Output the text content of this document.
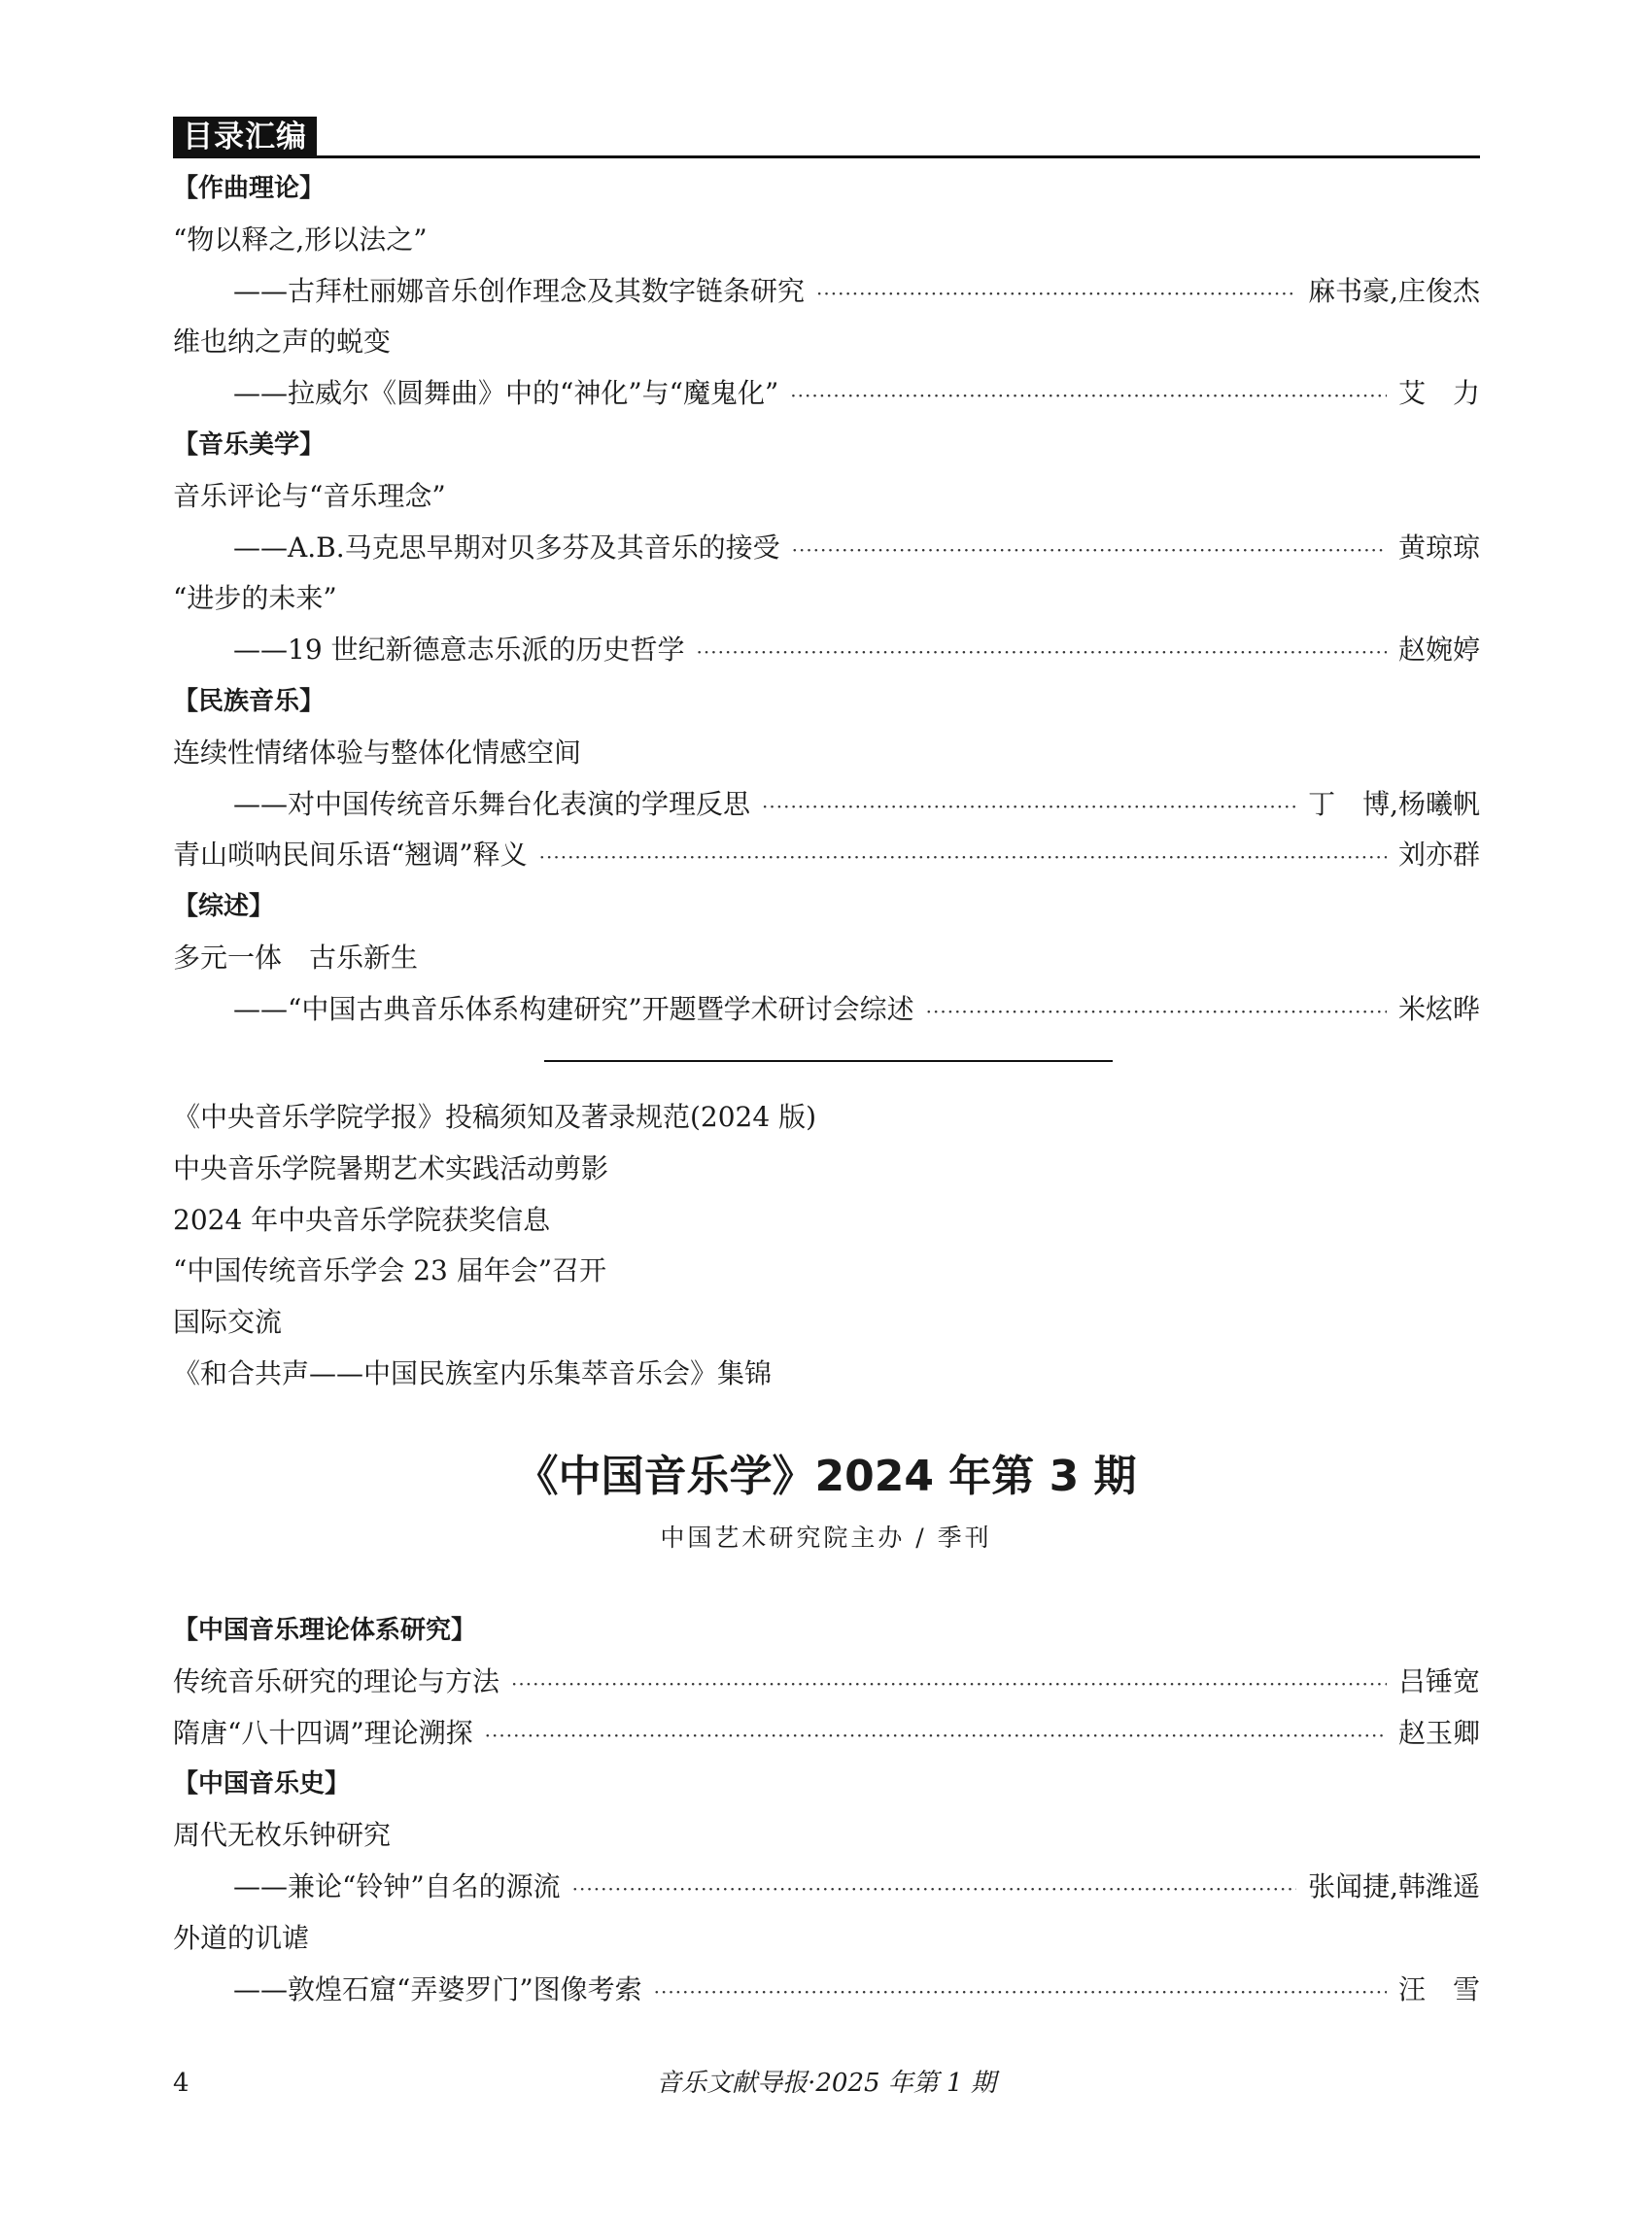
目录汇编
【作曲理论】
“物以释之,形以法之”
——古拜杜丽娜音乐创作理念及其数字链条研究 ·····	麻书豪,庄俊杰
维也纳之声的蜕变
——拉威尔《圆舞曲》中的“神化”与“魔鬼化” ·····	艾　力
【音乐美学】
音乐评论与“音乐理念”
——A.B.马克思早期对贝多芬及其音乐的接受 ·····	黄琼琼
“进步的未来”
——19 世纪新德意志乐派的历史哲学 ·····	赵婉婷
【民族音乐】
连续性情绪体验与整体化情感空间
——对中国传统音乐舞台化表演的学理反思 ·····	丁　博,杨曦帆
青山唢呐民间乐语“翘调”释义 ·····	刘亦群
【综述】
多元一体　古乐新生
——“中国古典音乐体系构建研究”开题暨学术研讨会综述 ·····	米炫晔
《中央音乐学院学报》投稿须知及著录规范(2024 版)
中央音乐学院暑期艺术实践活动剪影
2024 年中央音乐学院获奖信息
“中国传统音乐学会 23 届年会”召开
国际交流
《和合共声——中国民族室内乐集萃音乐会》集锦
《中国音乐学》2024 年第 3 期
中国艺术研究院主办 / 季刊
【中国音乐理论体系研究】
传统音乐研究的理论与方法 ·····	吕锤宽
隋唐“八十四调”理论溯探 ·····	赵玉卿
【中国音乐史】
周代无枚乐钟研究
——兼论“铃钟”自名的源流 ·····	张闻捷,韩潍遥
外道的讥谑
——敦煌石窟“弄婆罗门”图像考索 ·····	汪　雪
4	音乐文献导报·2025 年第 1 期
